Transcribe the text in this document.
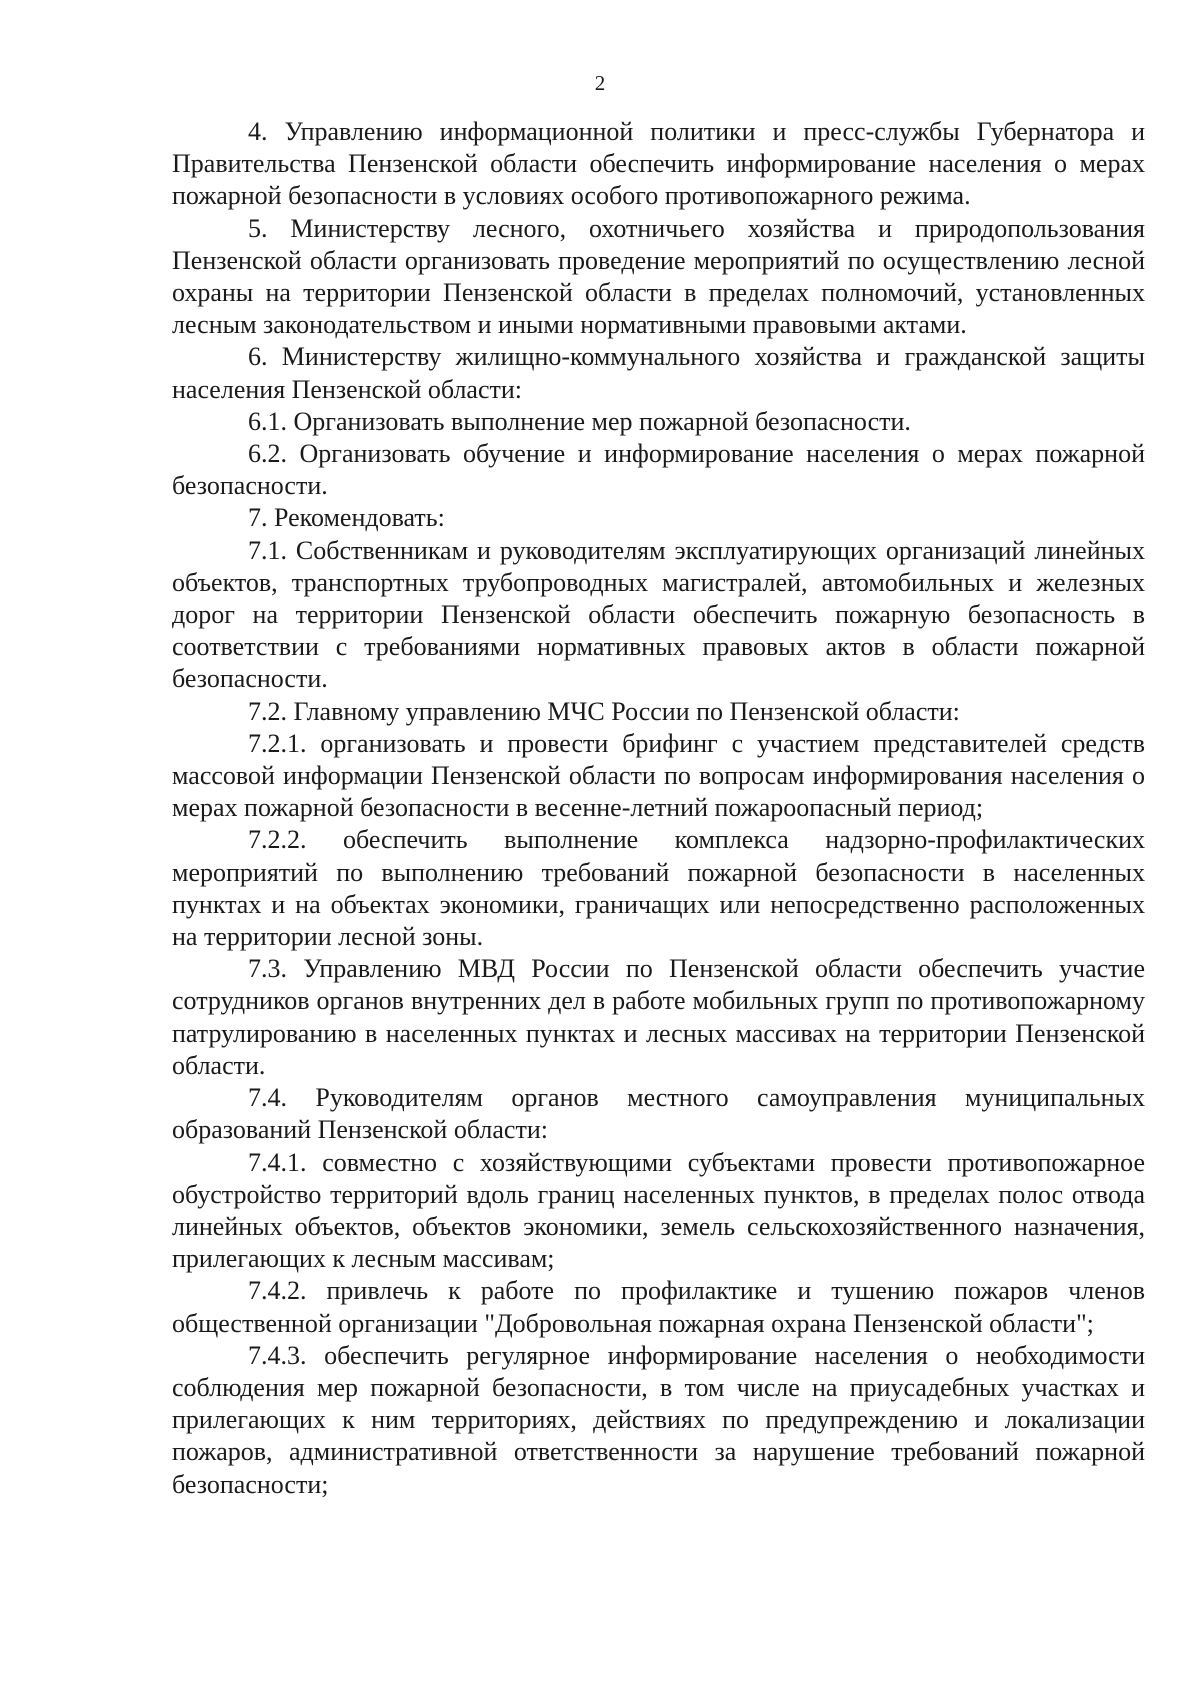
2

4. Управлению информационной политики и пресс-службы Губернатора и Правительства Пензенской области обеспечить информирование населения о мерах пожарной безопасности в условиях особого противопожарного режима.

5. Министерству лесного, охотничьего хозяйства и природопользования Пензенской области организовать проведение мероприятий по осуществлению лесной охраны на территории Пензенской области в пределах полномочий, установленных лесным законодательством и иными нормативными правовыми актами.

6. Министерству жилищно-коммунального хозяйства и гражданской защиты населения Пензенской области:

6.1. Организовать выполнение мер пожарной безопасности.

6.2. Организовать обучение и информирование населения о мерах пожарной безопасности.

7. Рекомендовать:

7.1. Собственникам и руководителям эксплуатирующих организаций линейных объектов, транспортных трубопроводных магистралей, автомобильных и железных дорог на территории Пензенской области обеспечить пожарную безопасность в соответствии с требованиями нормативных правовых актов в области пожарной безопасности.

7.2. Главному управлению МЧС России по Пензенской области:

7.2.1. организовать и провести брифинг с участием представителей средств массовой информации Пензенской области по вопросам информирования населения о мерах пожарной безопасности в весенне-летний пожароопасный период;

7.2.2. обеспечить выполнение комплекса надзорно-профилактических мероприятий по выполнению требований пожарной безопасности в населенных пунктах и на объектах экономики, граничащих или непосредственно расположенных на территории лесной зоны.

7.3. Управлению МВД России по Пензенской области обеспечить участие сотрудников органов внутренних дел в работе мобильных групп по противопожарному патрулированию в населенных пунктах и лесных массивах на территории Пензенской области.

7.4. Руководителям органов местного самоуправления муниципальных образований Пензенской области:

7.4.1. совместно с хозяйствующими субъектами провести противопожарное обустройство территорий вдоль границ населенных пунктов, в пределах полос отвода линейных объектов, объектов экономики, земель сельскохозяйственного назначения, прилегающих к лесным массивам;

7.4.2. привлечь к работе по профилактике и тушению пожаров членов общественной организации "Добровольная пожарная охрана Пензенской области";

7.4.3. обеспечить регулярное информирование населения о необходимости соблюдения мер пожарной безопасности, в том числе на приусадебных участках и прилегающих к ним территориях, действиях по предупреждению и локализации пожаров, административной ответственности за нарушение требований пожарной безопасности;
